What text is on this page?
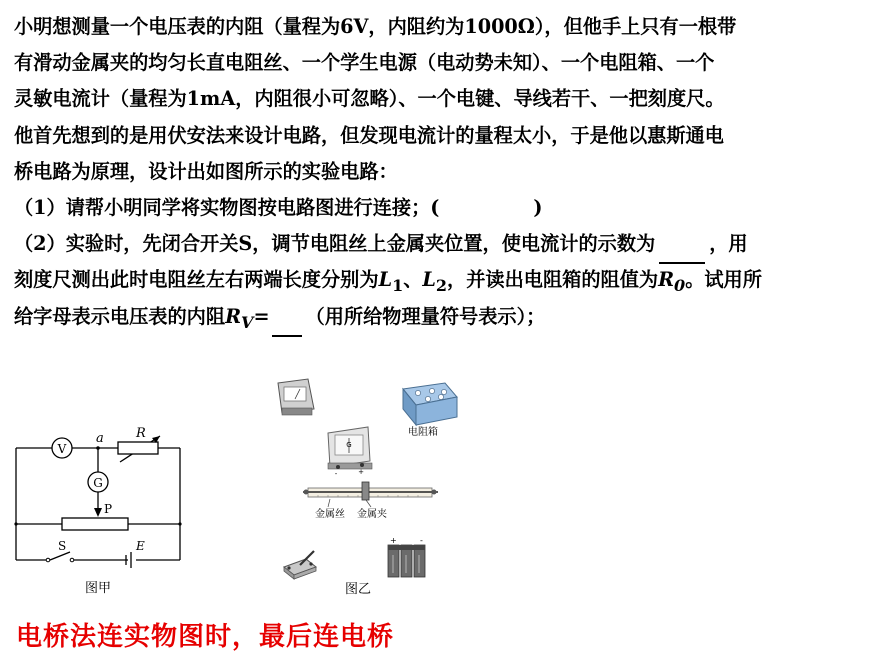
小明想测量一个电压表的内阻（量程为6V，内阻约为1000Ω），但他手上只有一根带
有滑动金属夹的均匀长直电阻丝、一个学生电源（电动势未知）、一个电阻箱、一个
灵敏电流计（量程为1mA，内阻很小可忽略）、一个电键、导线若干、一把刻度尺。
他首先想到的是用伏安法来设计电路，但发现电流计的量程太小，于是他以惠斯通电
桥电路为原理，设计出如图所示的实验电路：
（1）请帮小明同学将实物图按电路图进行连接；(	)
（2）实验时，先闭合开关S，调节电阻丝上金属夹位置，使电流计的示数为	，用
刻度尺测出此时电阻丝左右两端长度分别为$L_1$、$L_2$，并读出电阻箱的阻值为$R_0$。试用所
给字母表示电压表的内阻$R_V=$ （用所给物理量符号表示）；
V
a R
G
P
S	E
图甲
电阻箱
G
-	+
金属丝 金属夹
+	-
图乙
电桥法连实物图时，最后连电桥
